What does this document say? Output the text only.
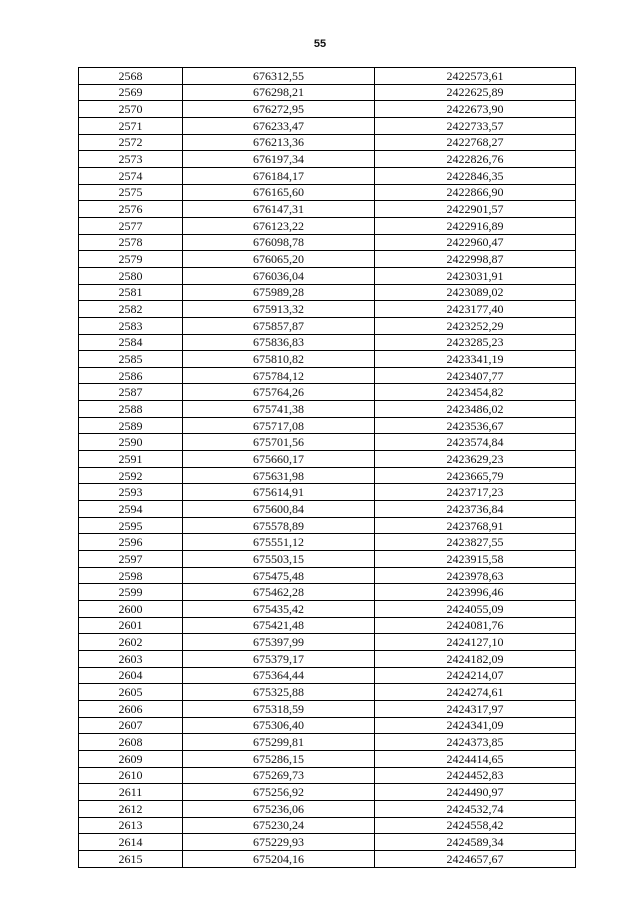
55
2568	676312,55	2422573,61
2569	676298,21	2422625,89
2570	676272,95	2422673,90
2571	676233,47	2422733,57
2572	676213,36	2422768,27
2573	676197,34	2422826,76
2574	676184,17	2422846,35
2575	676165,60	2422866,90
2576	676147,31	2422901,57
2577	676123,22	2422916,89
2578	676098,78	2422960,47
2579	676065,20	2422998,87
2580	676036,04	2423031,91
2581	675989,28	2423089,02
2582	675913,32	2423177,40
2583	675857,87	2423252,29
2584	675836,83	2423285,23
2585	675810,82	2423341,19
2586	675784,12	2423407,77
2587	675764,26	2423454,82
2588	675741,38	2423486,02
2589	675717,08	2423536,67
2590	675701,56	2423574,84
2591	675660,17	2423629,23
2592	675631,98	2423665,79
2593	675614,91	2423717,23
2594	675600,84	2423736,84
2595	675578,89	2423768,91
2596	675551,12	2423827,55
2597	675503,15	2423915,58
2598	675475,48	2423978,63
2599	675462,28	2423996,46
2600	675435,42	2424055,09
2601	675421,48	2424081,76
2602	675397,99	2424127,10
2603	675379,17	2424182,09
2604	675364,44	2424214,07
2605	675325,88	2424274,61
2606	675318,59	2424317,97
2607	675306,40	2424341,09
2608	675299,81	2424373,85
2609	675286,15	2424414,65
2610	675269,73	2424452,83
2611	675256,92	2424490,97
2612	675236,06	2424532,74
2613	675230,24	2424558,42
2614	675229,93	2424589,34
2615	675204,16	2424657,67
